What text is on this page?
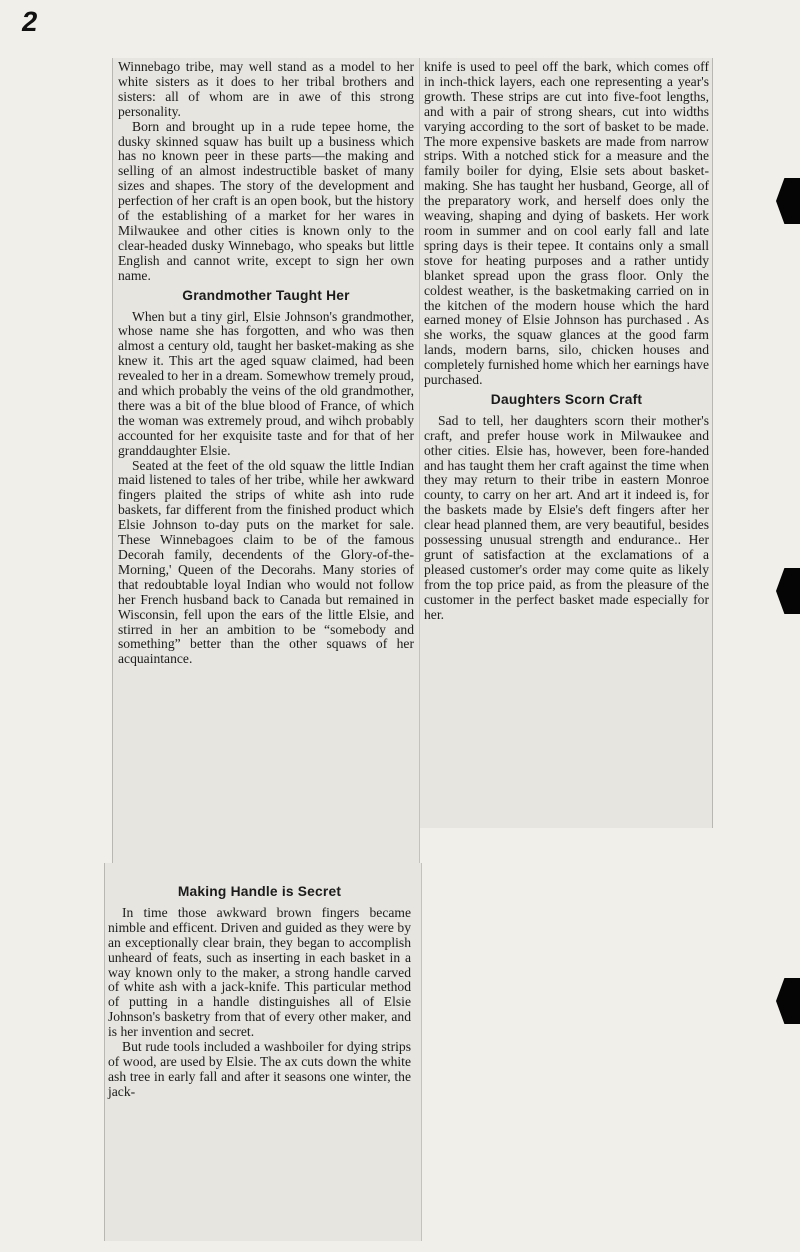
2

Winnebago tribe, may well stand as a model to her white sisters as it does to her tribal brothers and sisters: all of whom are in awe of this strong personality.

Born and brought up in a rude tepee home, the dusky skinned squaw has built up a business which has no known peer in these parts—the making and selling of an almost indestructible basket of many sizes and shapes. The story of the development and perfection of her craft is an open book, but the history of the establishing of a market for her wares in Milwaukee and other cities is known only to the clear-headed dusky Winnebago, who speaks but little English and cannot write, except to sign her own name.

Grandmother Taught Her

When but a tiny girl, Elsie Johnson's grandmother, whose name she has forgotten, and who was then almost a century old, taught her basket-making as she knew it. This art the aged squaw claimed, had been revealed to her in a dream. Somewhow tremely proud, and which probably the veins of the old grandmother, there was a bit of the blue blood of France, of which the woman was extremely proud, and wihch probably accounted for her exquisite taste and for that of her granddaughter Elsie.

Seated at the feet of the old squaw the little Indian maid listened to tales of her tribe, while her awkward fingers plaited the strips of white ash into rude baskets, far different from the finished product which Elsie Johnson to-day puts on the market for sale. These Winnebagoes claim to be of the famous Decorah family, decendents of the Glory-of-the-Morning,' Queen of the Decorahs. Many stories of that redoubtable loyal Indian who would not follow her French husband back to Canada but remained in Wisconsin, fell upon the ears of the little Elsie, and stirred in her an ambition to be “somebody and something” better than the other squaws of her acquaintance.

Making Handle is Secret

In time those awkward brown fingers became nimble and efficent. Driven and guided as they were by an exceptionally clear brain, they began to accomplish unheard of feats, such as inserting in each basket in a way known only to the maker, a strong handle carved of white ash with a jack-knife. This particular method of putting in a handle distinguishes all of Elsie Johnson's basketry from that of every other maker, and is her invention and secret.

But rude tools included a washboiler for dying strips of wood, are used by Elsie. The ax cuts down the white ash tree in early fall and after it seasons one winter, the jack-

knife is used to peel off the bark, which comes off in inch-thick layers, each one representing a year's growth. These strips are cut into five-foot lengths, and with a pair of strong shears, cut into widths varying according to the sort of basket to be made. The more expensive baskets are made from narrow strips. With a notched stick for a measure and the family boiler for dying, Elsie sets about basket-making. She has taught her husband, George, all of the preparatory work, and herself does only the weaving, shaping and dying of baskets. Her work room in summer and on cool early fall and late spring days is their tepee. It contains only a small stove for heating purposes and a rather untidy blanket spread upon the grass floor. Only the coldest weather, is the basketmaking carried on in the kitchen of the modern house which the hard earned money of Elsie Johnson has purchased . As she works, the squaw glances at the good farm lands, modern barns, silo, chicken houses and completely furnished home which her earnings have purchased.

Daughters Scorn Craft

Sad to tell, her daughters scorn their mother's craft, and prefer house work in Milwaukee and other cities. Elsie has, however, been fore-handed and has taught them her craft against the time when they may return to their tribe in eastern Monroe county, to carry on her art. And art it indeed is, for the baskets made by Elsie's deft fingers after her clear head planned them, are very beautiful, besides possessing unusual strength and endurance.. Her grunt of satisfaction at the exclamations of a pleased customer's order may come quite as likely from the top price paid, as from the pleasure of the customer in the perfect basket made especially for her.
